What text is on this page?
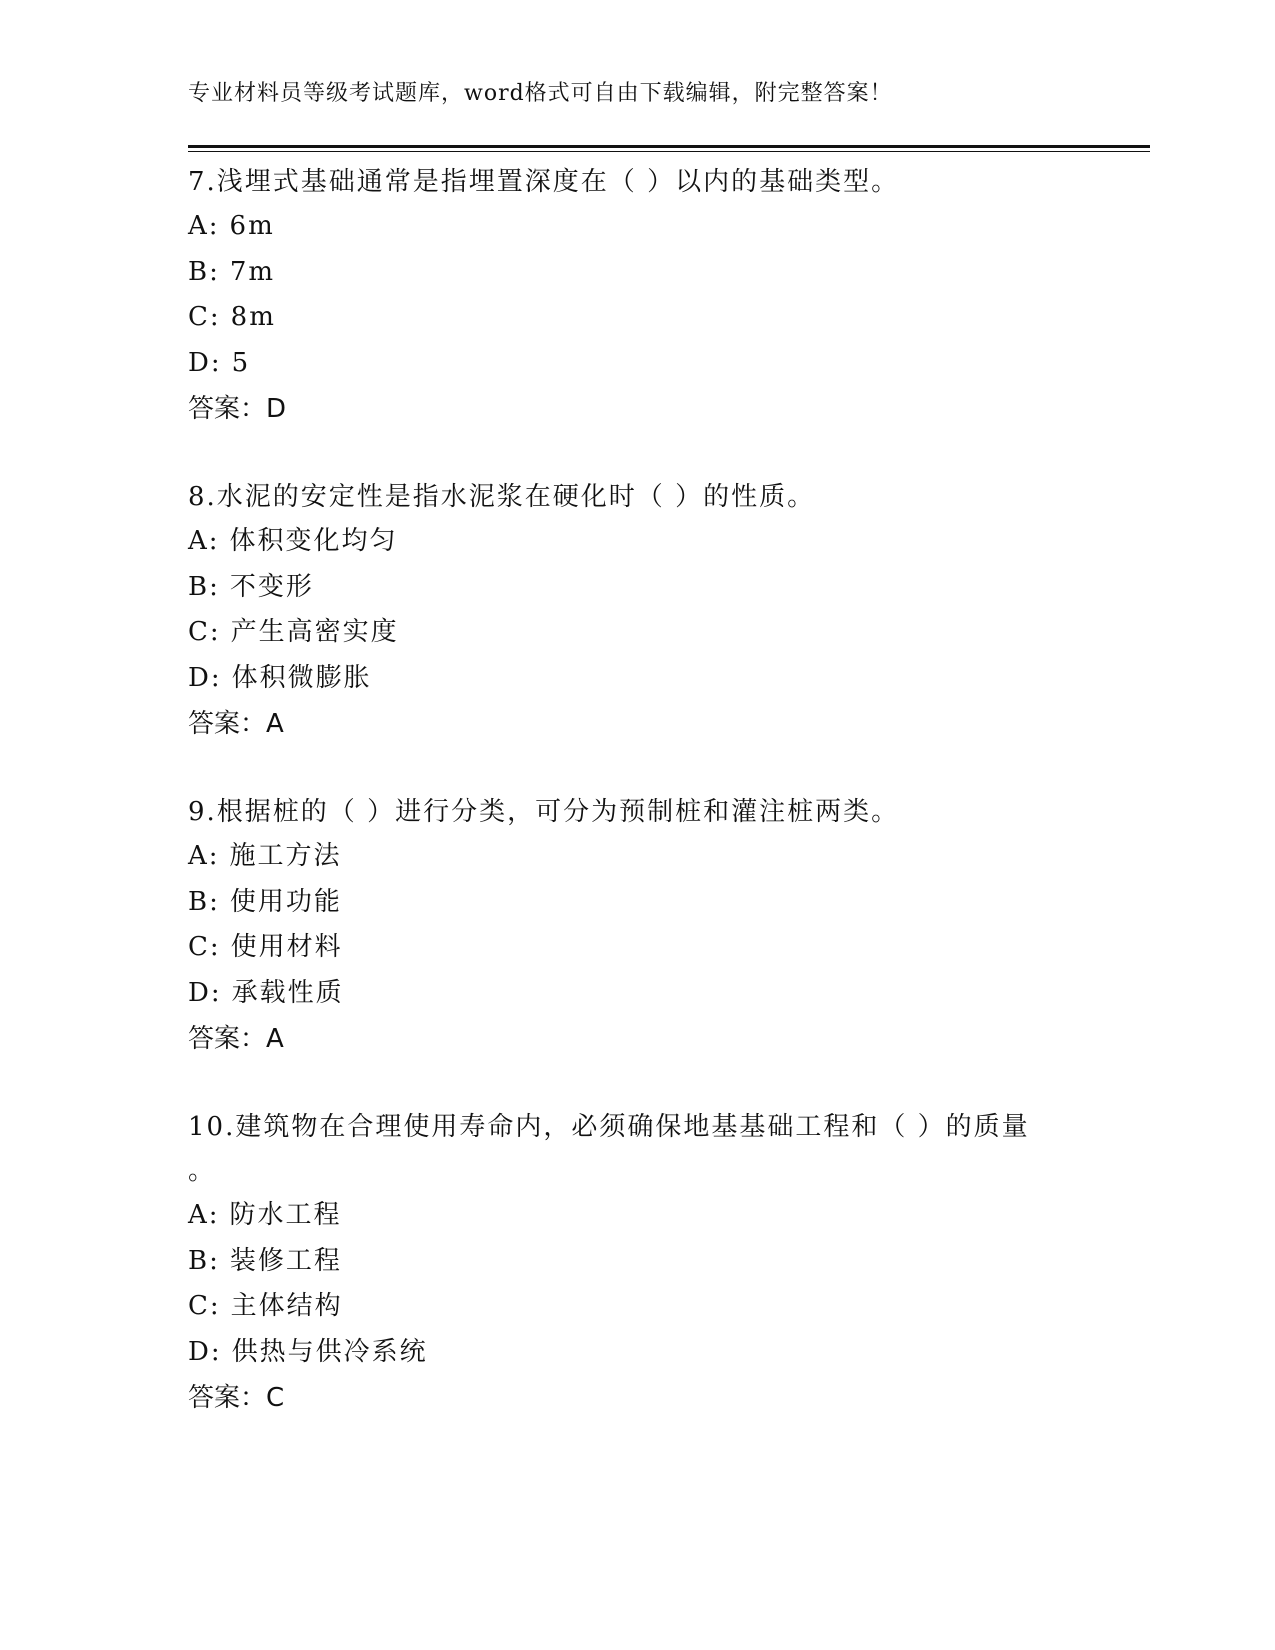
专业材料员等级考试题库，word格式可自由下载编辑，附完整答案！
7.浅埋式基础通常是指埋置深度在（ ）以内的基础类型。
A: 6m
B: 7m
C: 8m
D: 5
答案：D
8.水泥的安定性是指水泥浆在硬化时（ ）的性质。
A: 体积变化均匀
B: 不变形
C: 产生高密实度
D: 体积微膨胀
答案：A
9.根据桩的（ ）进行分类，可分为预制桩和灌注桩两类。
A: 施工方法
B: 使用功能
C: 使用材料
D: 承载性质
答案：A
10.建筑物在合理使用寿命内，必须确保地基基础工程和（ ）的质量
。
A: 防水工程
B: 装修工程
C: 主体结构
D: 供热与供冷系统
答案：C
